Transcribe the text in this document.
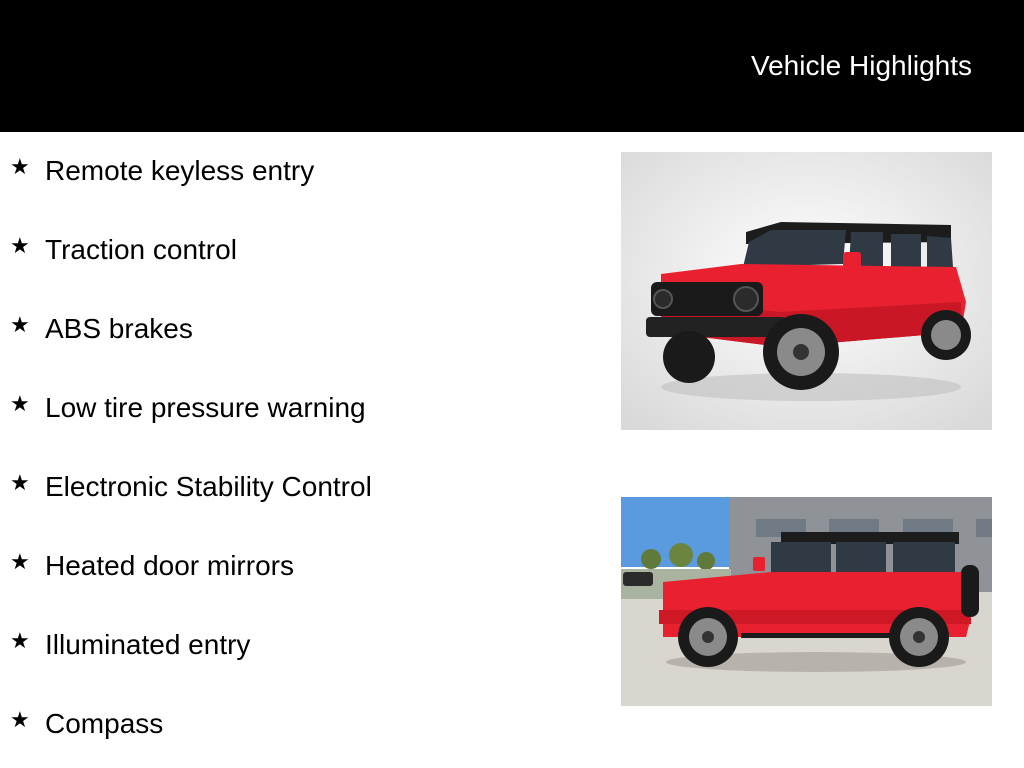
Vehicle Highlights
★ Remote keyless entry
★ Traction control
★ ABS brakes
★ Low tire pressure warning
★ Electronic Stability Control
★ Heated door mirrors
★ Illuminated entry
★ Compass
